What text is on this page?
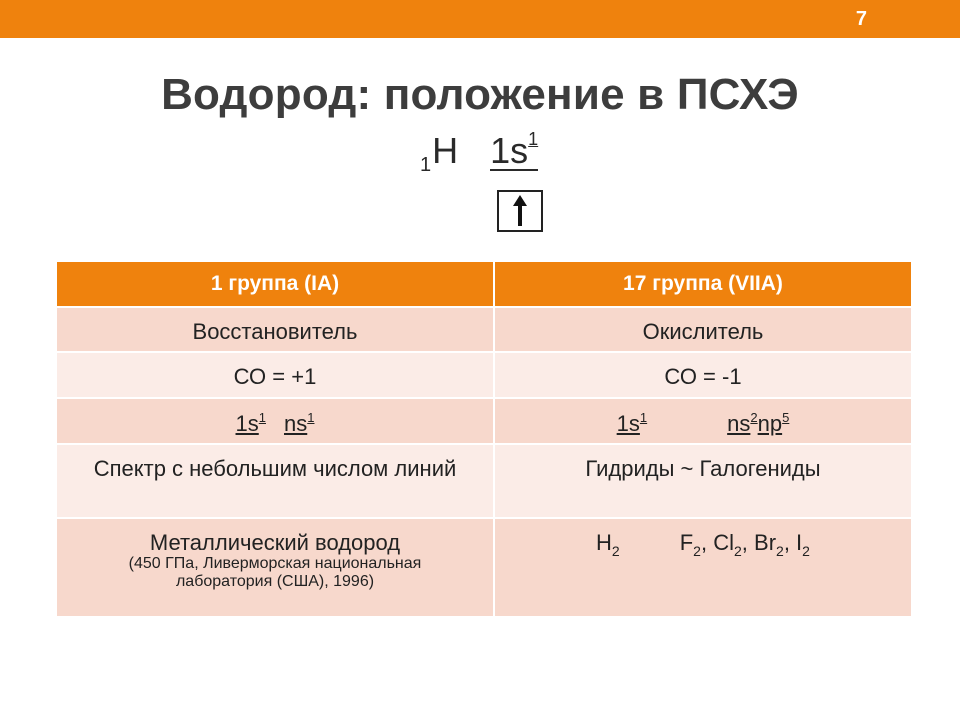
7
Водород: положение в ПСХЭ
$_1$H $1s^1$
1 группа (IA)	17 группа (VIIA)
Восстановитель	Окислитель
СО = +1	СО = -1
$1s^1$ $ns^1$	$1s^1$ $ns^2np^5$
Спектр с небольшим числом линий	Гидриды ~ Галогениды
Металлический водород
(450 ГПа, Ливерморская национальная лаборатория (США), 1996)	$H_2$ $F_2$, $Cl_2$, $Br_2$, $I_2$
